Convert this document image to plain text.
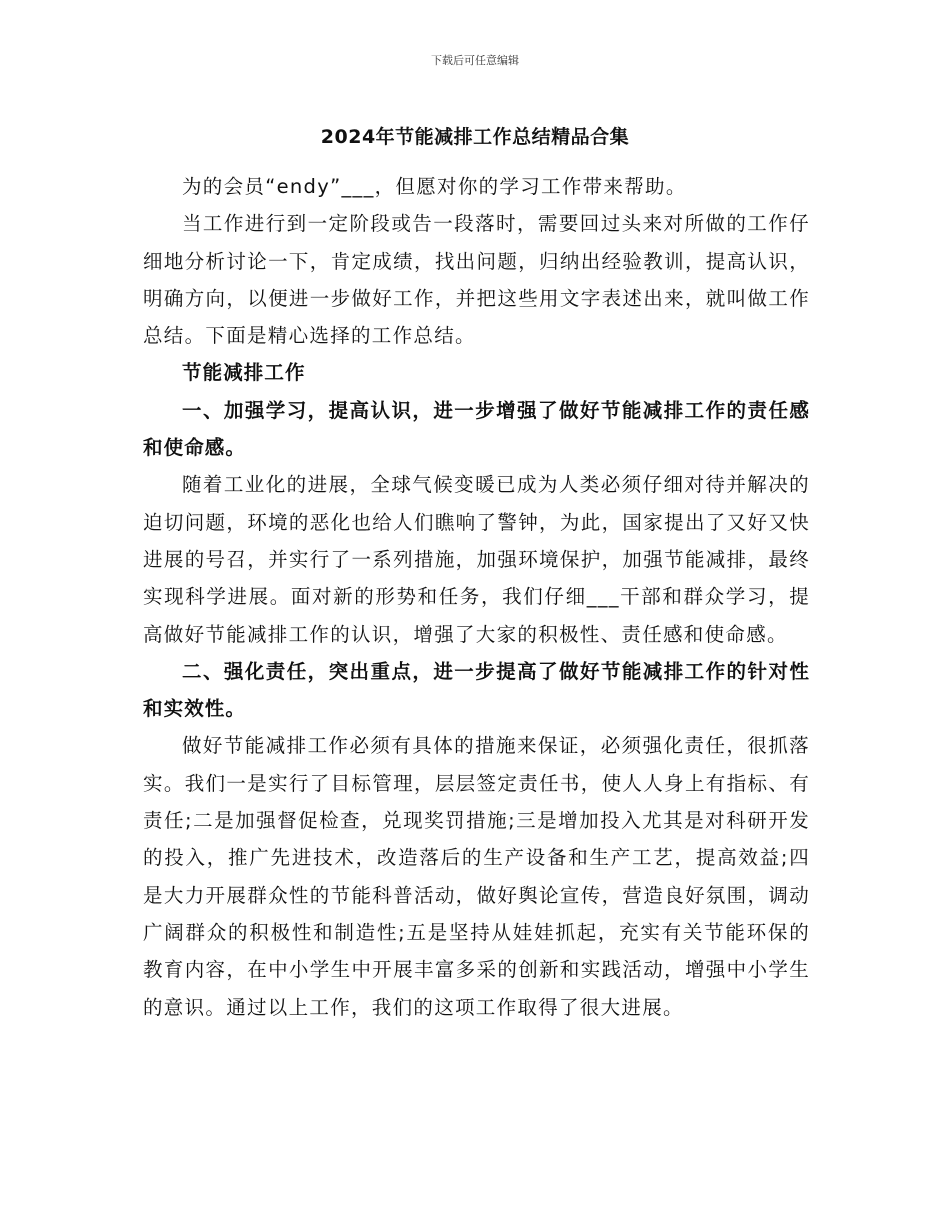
下载后可任意编辑
2024年节能减排工作总结精品合集

为的会员“endy”___，但愿对你的学习工作带来帮助。

当工作进行到一定阶段或告一段落时，需要回过头来对所做的工作仔细地分析讨论一下，肯定成绩，找出问题，归纳出经验教训，提高认识，明确方向，以便进一步做好工作，并把这些用文字表述出来，就叫做工作总结。下面是精心选择的工作总结。

节能减排工作

一、加强学习，提高认识，进一步增强了做好节能减排工作的责任感和使命感。

随着工业化的进展，全球气候变暖已成为人类必须仔细对待并解决的迫切问题，环境的恶化也给人们瞧响了警钟，为此，国家提出了又好又快进展的号召，并实行了一系列措施，加强环境保护，加强节能减排，最终实现科学进展。面对新的形势和任务，我们仔细___干部和群众学习，提高做好节能减排工作的认识，增强了大家的积极性、责任感和使命感。

二、强化责任，突出重点，进一步提高了做好节能减排工作的针对性和实效性。

做好节能减排工作必须有具体的措施来保证，必须强化责任，很抓落实。我们一是实行了目标管理，层层签定责任书，使人人身上有指标、有责任;二是加强督促检查，兑现奖罚措施;三是增加投入尤其是对科研开发的投入，推广先进技术，改造落后的生产设备和生产工艺，提高效益;四是大力开展群众性的节能科普活动，做好舆论宣传，营造良好氛围，调动广阔群众的积极性和制造性;五是坚持从娃娃抓起，充实有关节能环保的教育内容，在中小学生中开展丰富多采的创新和实践活动，增强中小学生的意识。通过以上工作，我们的这项工作取得了很大进展。
